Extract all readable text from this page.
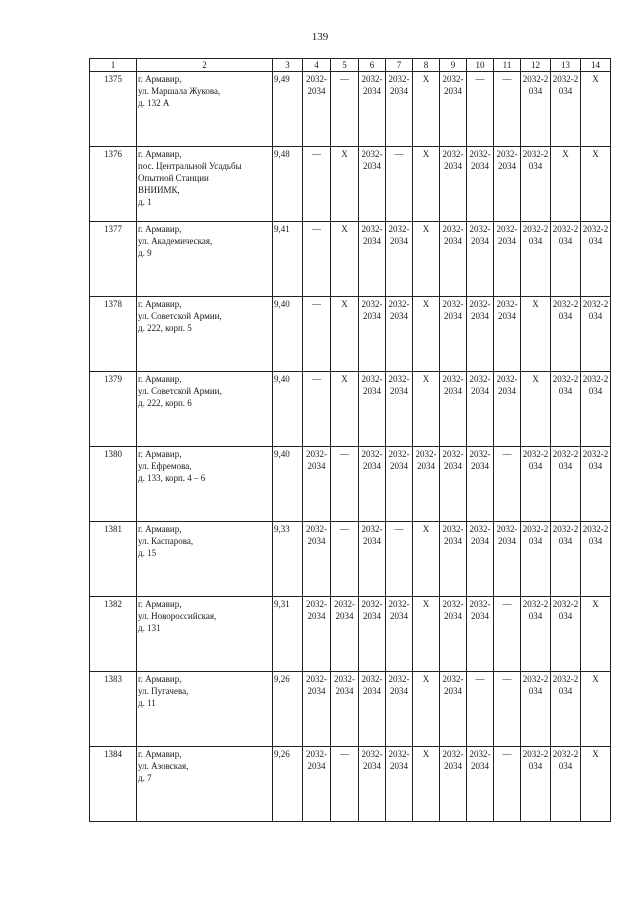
139
1	2	3	4	5	6	7	8	9	10	11	12	13	14
1375	г. Армавир,
ул. Маршала Жукова,
д. 132 А	9,49	2032-2034	—	2032-2034	2032-2034	X	2032-2034	—	—	2032-2034	2032-2034	X
1376	г. Армавир,
пос. Центральной Усадьбы
Опытной Станции
ВНИИМК,
д. 1	9,48	—	X	2032-2034	—	X	2032-2034	2032-2034	2032-2034	2032-2034	X	X
1377	г. Армавир,
ул. Академическая,
д. 9	9,41	—	X	2032-2034	2032-2034	X	2032-2034	2032-2034	2032-2034	2032-2034	2032-2034	2032-2034
1378	г. Армавир,
ул. Советской Армии,
д. 222, корп. 5	9,40	—	X	2032-2034	2032-2034	X	2032-2034	2032-2034	2032-2034	X	2032-2034	2032-2034
1379	г. Армавир,
ул. Советской Армии,
д. 222, корп. 6	9,40	—	X	2032-2034	2032-2034	X	2032-2034	2032-2034	2032-2034	X	2032-2034	2032-2034
1380	г. Армавир,
ул. Ефремова,
д. 133, корп. 4 – 6	9,40	2032-2034	—	2032-2034	2032-2034	2032-2034	2032-2034	2032-2034	—	2032-2034	2032-2034	2032-2034
1381	г. Армавир,
ул. Каспарова,
д. 15	9,33	2032-2034	—	2032-2034	—	X	2032-2034	2032-2034	2032-2034	2032-2034	2032-2034	2032-2034
1382	г. Армавир,
ул. Новороссийская,
д. 131	9,31	2032-2034	2032-2034	2032-2034	2032-2034	X	2032-2034	2032-2034	—	2032-2034	2032-2034	X
1383	г. Армавир,
ул. Пугачева,
д. 11	9,26	2032-2034	2032-2034	2032-2034	2032-2034	X	2032-2034	—	—	2032-2034	2032-2034	X
1384	г. Армавир,
ул. Азовская,
д. 7	9,26	2032-2034	—	2032-2034	2032-2034	X	2032-2034	2032-2034	—	2032-2034	2032-2034	X
